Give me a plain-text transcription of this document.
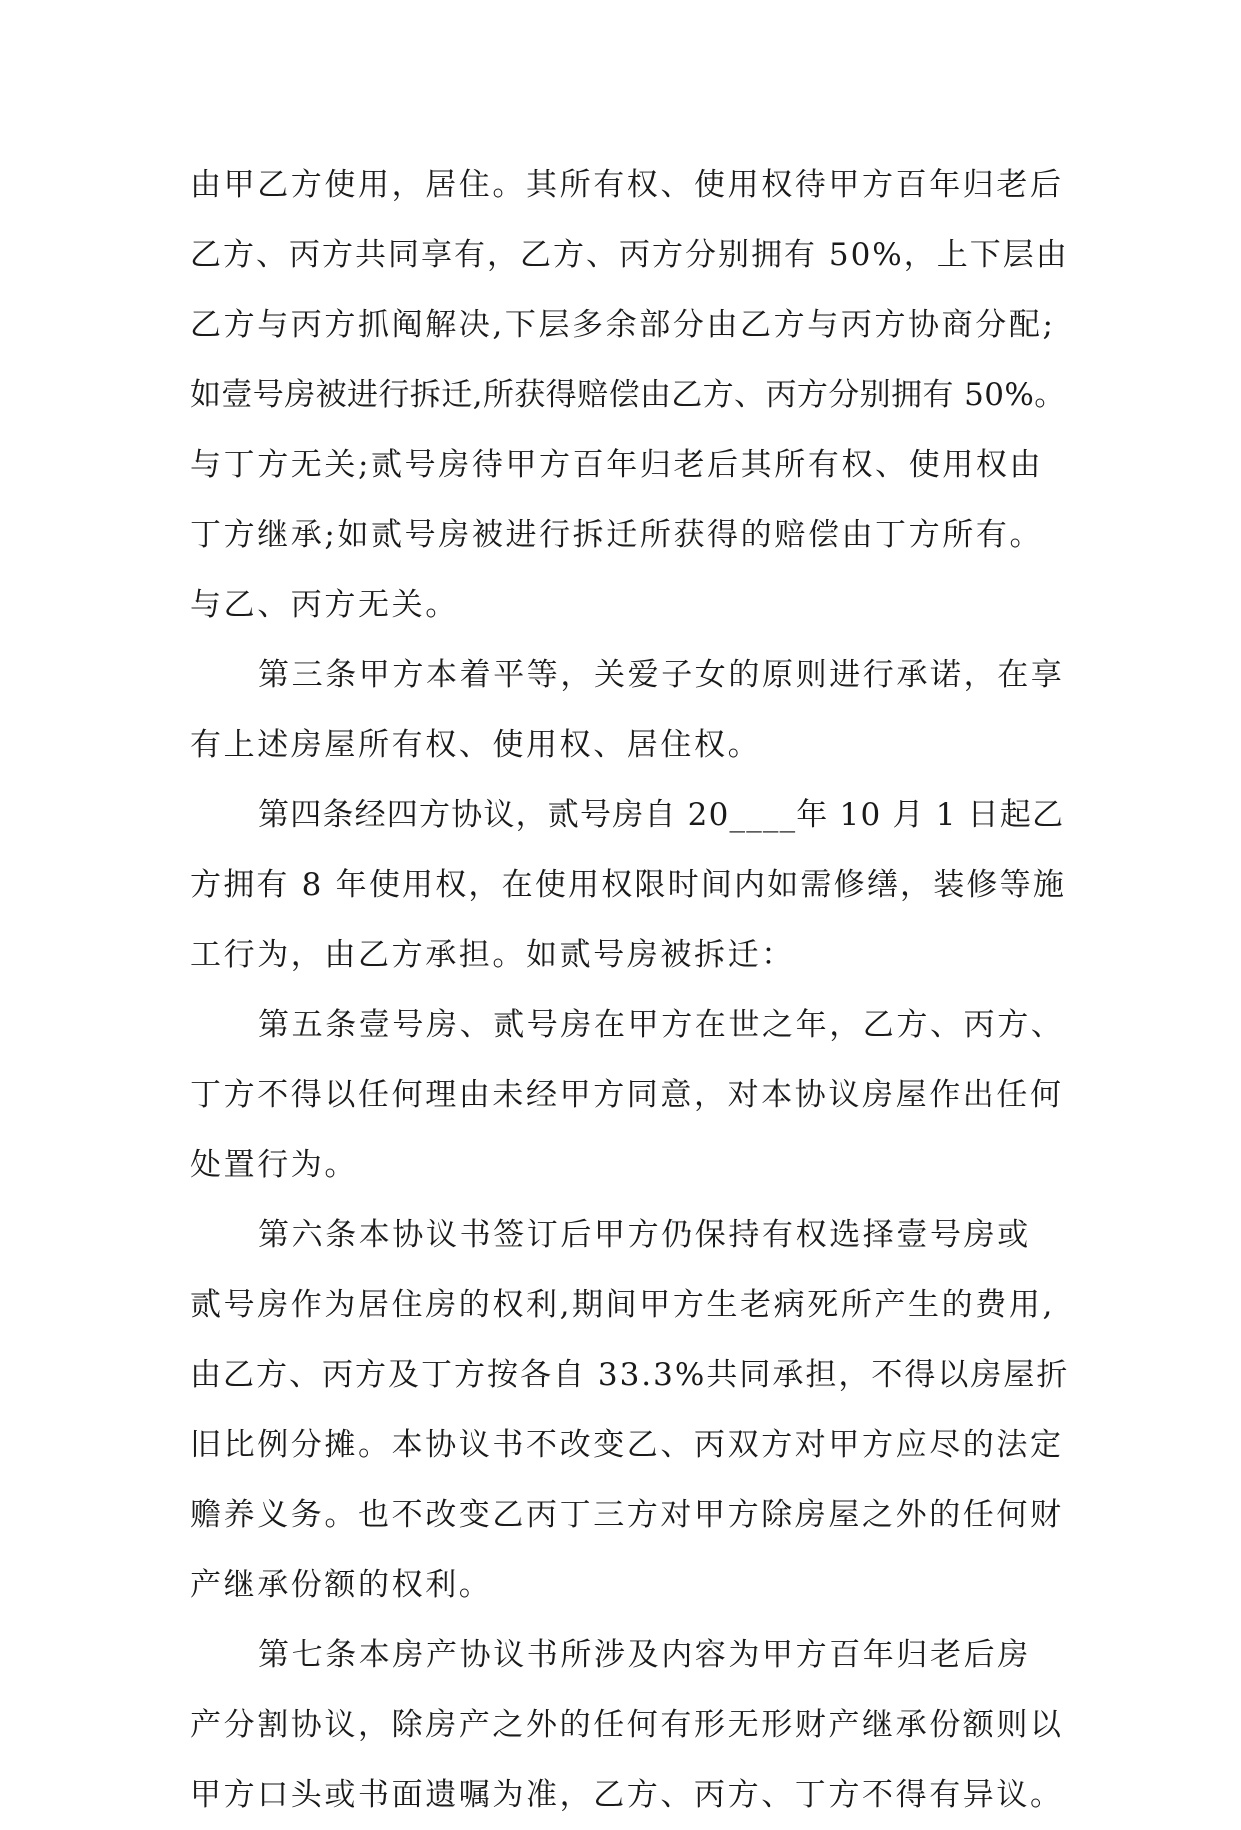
由甲乙方使用，居住。其所有权、使用权待甲方百年归老后
乙方、丙方共同享有，乙方、丙方分别拥有 50%，上下层由
乙方与丙方抓阄解决,下层多余部分由乙方与丙方协商分配;
如壹号房被进行拆迁,所获得赔偿由乙方、丙方分别拥有 50%。
与丁方无关;贰号房待甲方百年归老后其所有权、使用权由
丁方继承;如贰号房被进行拆迁所获得的赔偿由丁方所有。
与乙、丙方无关。
第三条甲方本着平等，关爱子女的原则进行承诺，在享
有上述房屋所有权、使用权、居住权。
第四条经四方协议，贰号房自 20____年 10 月 1 日起乙
方拥有 8 年使用权，在使用权限时间内如需修缮，装修等施
工行为，由乙方承担。如贰号房被拆迁：
第五条壹号房、贰号房在甲方在世之年，乙方、丙方、
丁方不得以任何理由未经甲方同意，对本协议房屋作出任何
处置行为。
第六条本协议书签订后甲方仍保持有权选择壹号房或
贰号房作为居住房的权利,期间甲方生老病死所产生的费用,
由乙方、丙方及丁方按各自 33.3%共同承担，不得以房屋折
旧比例分摊。本协议书不改变乙、丙双方对甲方应尽的法定
赡养义务。也不改变乙丙丁三方对甲方除房屋之外的任何财
产继承份额的权利。
第七条本房产协议书所涉及内容为甲方百年归老后房
产分割协议，除房产之外的任何有形无形财产继承份额则以
甲方口头或书面遗嘱为准，乙方、丙方、丁方不得有异议。
